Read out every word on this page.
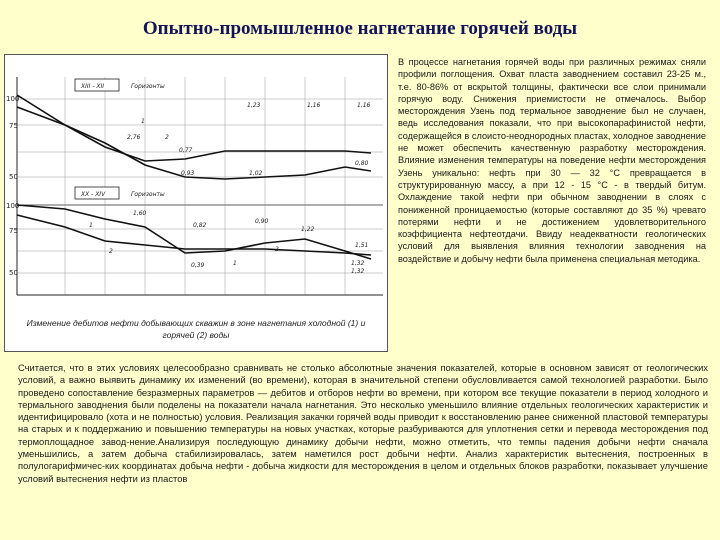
Опытно-промышленное нагнетание горячей воды
XIII - XII	Горизонты
100
75
50
1
2
2,76
0,77
0,93
1,23	1,16	1,16
1,02
0,80
XX - XIV	Горизонты
100
75
50
1
2
1
2
1,60
0,82
0,90
1,22
1,51
0,39	1,32
1,32
Изменение дебитов нефти добывающих скважин в зоне нагнетания холодной (1) и горячей (2) воды

В процессе нагнетания горячей воды при различных режимах сняли профили поглощения. Охват пласта заводнением составил 23-25 м., т.е. 80-86% от вскрытой толщины, фактически все слои принимали горячую воду. Снижения приемистости не отмечалось. Выбор месторождения Узень под термальное заводнение был не случаен, ведь исследования показали, что при высокопарафинистой нефти, содержащейся в слоисто-неоднородных пластах, холодное заводнение не может обеспечить качественную разработку месторождения. Влияние изменения температуры на поведение нефти месторождения Узень уникально: нефть при 30 — 32 °С превращается в структурированную массу, а при 12 - 15 °С - в твердый битум. Охлаждение такой нефти при обычном заводнении в слоях с пониженной проницаемостью (которые составляют до 35 %) чревато потерями нефти и не достижением удовлетворительного коэффициента нефтеотдачи. Ввиду неадекватности геологических условий для выявления влияния технологии заводнения на воздействие и добычу нефти была применена специальная методика.

Считается, что в этих условиях целесообразно сравнивать не столько абсолютные значения показателей, которые в основном зависят от геологических условий, а важно выявить динамику их изменений (во времени), которая в значительной степени обусловливается самой технологией разработки. Было проведено сопоставление безразмерных параметров — дебитов и отборов нефти во времени, при котором все текущие показатели в период холодного и термального заводнения были поделены на показатели начала нагнетания. Это несколько уменьшило влияние отдельных геологических характеристик и идентифицировало (хота и не полностью) условия. Реализация закачки горячей воды приводит к восстановлению ранее сниженной пластовой температуры на старых и к поддержанию и повышению температуры на новых участках, которые разбуриваются для уплотнения сетки и перевода месторождения под термоплощадное завод-нение.Анализируя последующую динамику добычи нефти, можно отметить, что темпы падения добычи нефти сначала уменьшились, а затем добыча стабилизировалась, затем наметился рост добычи нефти. Анализ характеристик вытеснения, построенных в полулогарифмичес-ких координатах добыча нефти - добыча жидкости для месторождения в целом и отдельных блоков разработки, показывает улучшение условий вытеснения нефти из пластов
